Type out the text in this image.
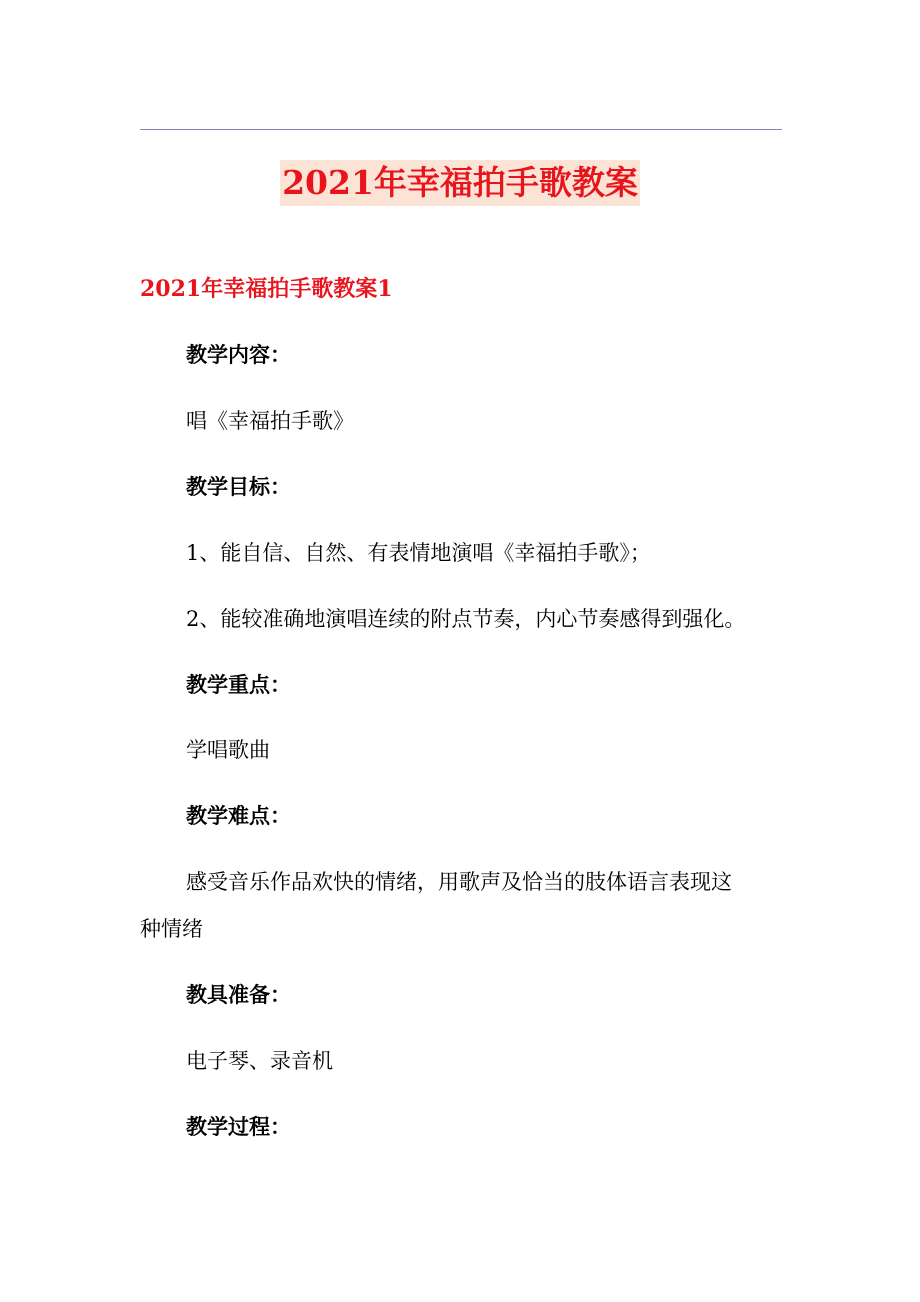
2021年幸福拍手歌教案
2021年幸福拍手歌教案1
教学内容：
唱《幸福拍手歌》
教学目标：
1、能自信、自然、有表情地演唱《幸福拍手歌》；
2、能较准确地演唱连续的附点节奏，内心节奏感得到强化。
教学重点：
学唱歌曲
教学难点：
感受音乐作品欢快的情绪，用歌声及恰当的肢体语言表现这
种情绪
教具准备：
电子琴、录音机
教学过程：
